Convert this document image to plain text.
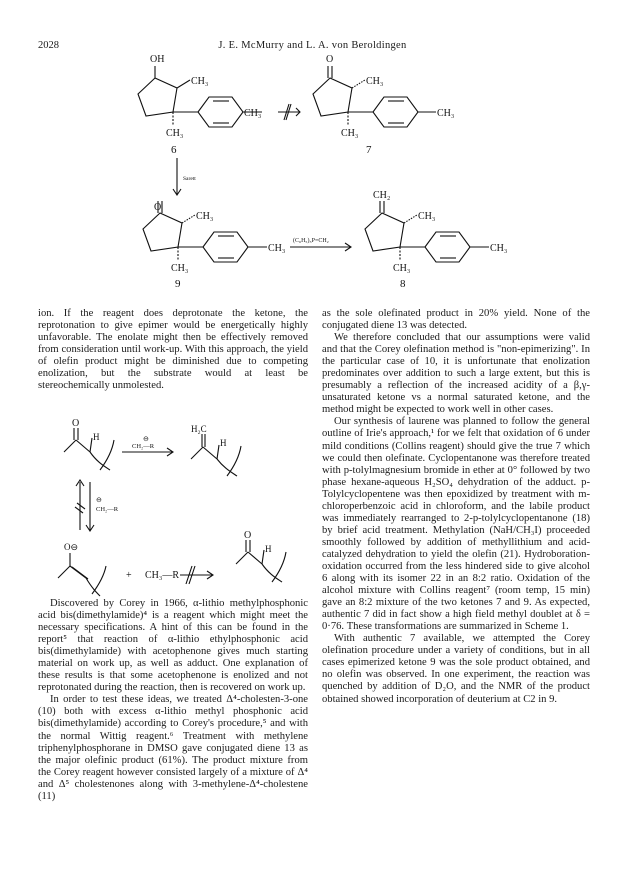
2028	J. E. McMurry and L. A. von Beroldingen
OH
CH₃
CH₃
CH₃
6
O
CH₃
CH₃
CH₃
7
Sarett
O
CH₃
CH₃
CH₃
9
(C₆H₅)₃P=CH₂
CH₂
CH₃
CH₃
CH₃
8
O
H	⊖
CH₂—R
H₂C
H
⊖
CH₂—R
O⊖
+ CH₃—R
O
H

ion. If the reagent does deprotonate the ketone, the reprotonation to give epimer would be energetically highly unfavorable. The enolate might then be effectively removed from consideration until work-up. With this approach, the yield of olefin product might be diminished due to competing enolization, but the substrate would at least be stereochemically unmolested.

Discovered by Corey in 1966, α-lithio methylphosphonic acid bis(dimethylamide)⁴ is a reagent which might meet the necessary specifications. A hint of this can be found in the report⁵ that reaction of α-lithio ethylphosphonic acid bis(dimethylamide) with acetophenone gives much starting material on work up, as well as adduct. One explanation of these results is that some acetophenone is enolized and not reprotonated during the reaction, then is recovered on work up.

In order to test these ideas, we treated Δ⁴-cholesten-3-one (10) both with excess α-lithio methyl phosphonic acid bis(dimethylamide) according to Corey's procedure,⁵ and with the normal Wittig reagent.⁶ Treatment with methylene triphenylphosphorane in DMSO gave conjugated diene 13 as the major olefinic product (61%). The product mixture from the Corey reagent however consisted largely of a mixture of Δ⁴ and Δ⁵ cholestenones along with 3-methylene-Δ⁴-cholestene (11)

as the sole olefinated product in 20% yield. None of the conjugated diene 13 was detected.

We therefore concluded that our assumptions were valid and that the Corey olefination method is "non-epimerizing". In the particular case of 10, it is unfortunate that enolization predominates over addition to such a large extent, but this is presumably a reflection of the increased acidity of a β,γ-unsaturated ketone vs a normal saturated ketone, and the method might be expected to work well in other cases.

Our synthesis of laurene was planned to follow the general outline of Irie's approach,¹ for we felt that oxidation of 6 under mild conditions (Collins reagent) should give the true 7 which we could then olefinate. Cyclopentanone was therefore treated with p-tolylmagnesium bromide in ether at 0° followed by two phase hexane-aqueous H₂SO₄ dehydration of the adduct. p-Tolylcyclopentene was then epoxidized by treatment with m-chloroperbenzoic acid in chloroform, and the labile product was immediately rearranged to 2-p-tolylcyclopentanone (18) by brief acid treatment. Methylation (NaH/CH₃I) proceeded smoothly followed by addition of methyllithium and acid-catalyzed dehydration to yield the olefin (21). Hydroboration-oxidation occurred from the less hindered side to give alcohol 6 along with its isomer 22 in an 8:2 ratio. Oxidation of the alcohol mixture with Collins reagent⁷ (room temp, 15 min) gave an 8:2 mixture of the two ketones 7 and 9. As expected, authentic 7 did in fact show a high field methyl doublet at δ = 0·76. These transformations are summarized in Scheme 1.

With authentic 7 available, we attempted the Corey olefination procedure under a variety of conditions, but in all cases epimerized ketone 9 was the sole product obtained, and no olefin was observed. In one experiment, the reaction was quenched by addition of D₂O, and the NMR of the product obtained showed incorporation of deuterium at C2 in 9.
